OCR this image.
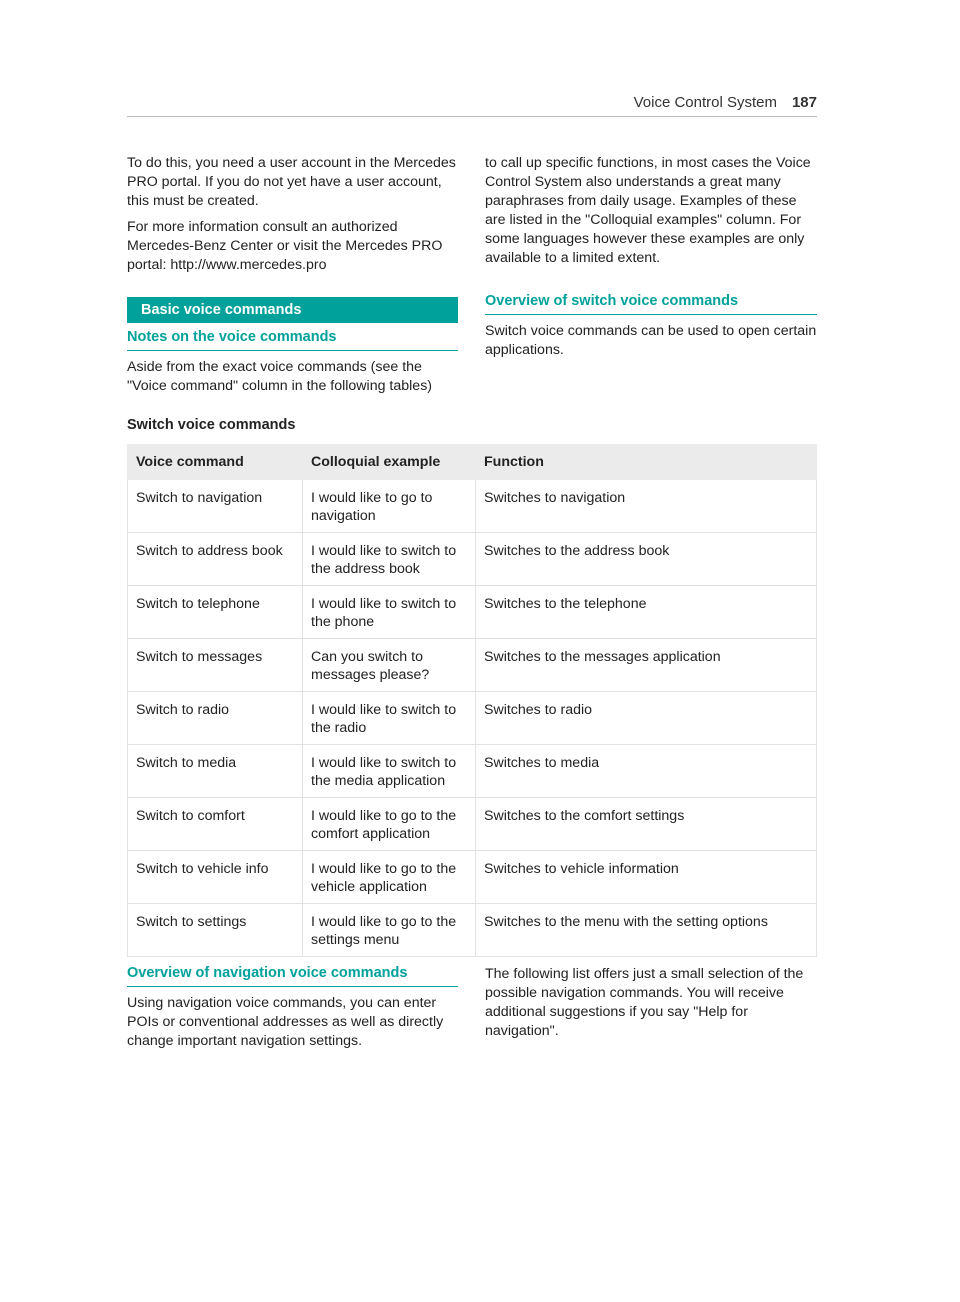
Voice Control System 187

To do this, you need a user account in the Mercedes PRO portal. If you do not yet have a user account, this must be created.

For more information consult an authorized Mercedes-Benz Center or visit the Mercedes PRO portal: http://www.mercedes.pro

to call up specific functions, in most cases the Voice Control System also understands a great many paraphrases from daily usage. Examples of these are listed in the "Colloquial examples" column. For some languages however these examples are only available to a limited extent.

Basic voice commands
Notes on the voice commands
Aside from the exact voice commands (see the "Voice command" column in the following tables)
Overview of switch voice commands
Switch voice commands can be used to open certain applications.
Switch voice commands
Voice command	Colloquial example	Function
Switch to navigation	I would like to go to navigation	Switches to navigation
Switch to address book	I would like to switch to the address book	Switches to the address book
Switch to telephone	I would like to switch to the phone	Switches to the telephone
Switch to messages	Can you switch to messages please?	Switches to the messages application
Switch to radio	I would like to switch to the radio	Switches to radio
Switch to media	I would like to switch to the media application	Switches to media
Switch to comfort	I would like to go to the comfort application	Switches to the comfort settings
Switch to vehicle info	I would like to go to the vehicle application	Switches to vehicle information
Switch to settings	I would like to go to the settings menu	Switches to the menu with the setting options
Overview of navigation voice commands
Using navigation voice commands, you can enter POIs or conventional addresses as well as directly change important navigation settings.
The following list offers just a small selection of the possible navigation commands. You will receive additional suggestions if you say "Help for navigation".
